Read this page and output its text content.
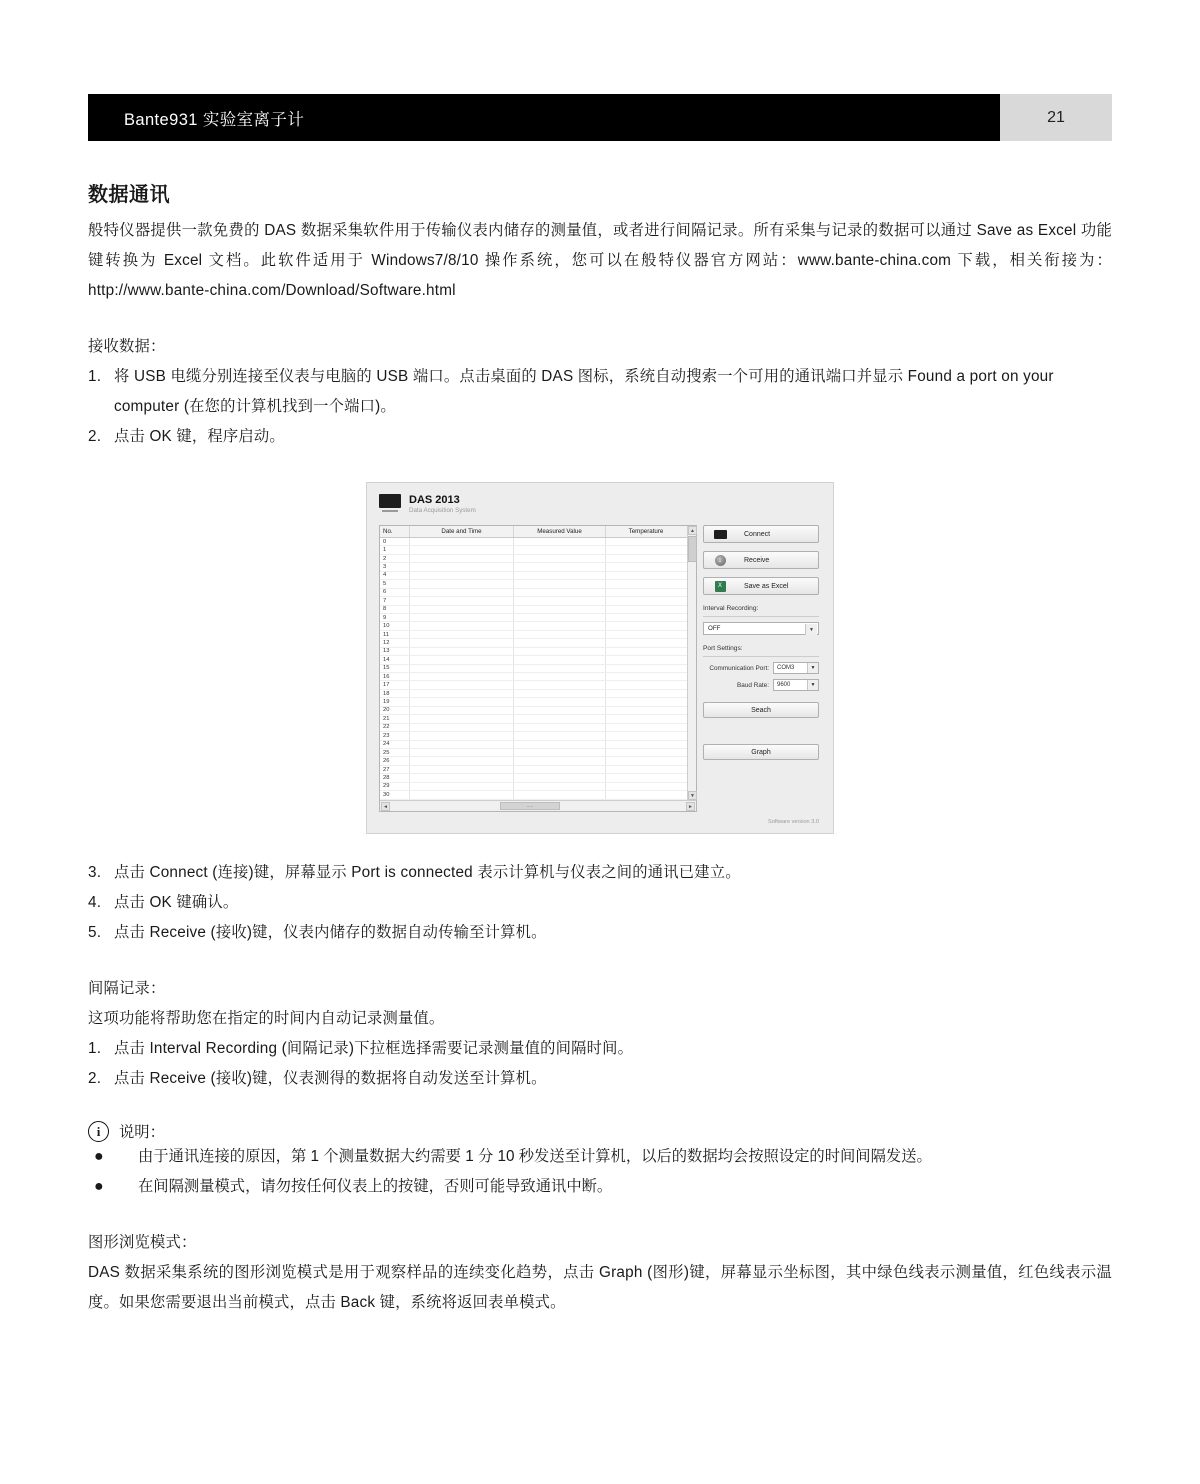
Bante931 实验室离子计	21
数据通讯

般特仪器提供一款免费的 DAS 数据采集软件用于传输仪表内储存的测量值，或者进行间隔记录。所有采集与记录的数据可以通过 Save as Excel 功能键转换为 Excel 文档。此软件适用于 Windows7/8/10 操作系统，您可以在般特仪器官方网站：www.bante-china.com 下载，相关衔接为：http://www.bante-china.com/Download/Software.html

接收数据：

1. 将 USB 电缆分别连接至仪表与电脑的 USB 端口。点击桌面的 DAS 图标，系统自动搜索一个可用的通讯端口并显示 Found a port on your computer (在您的计算机找到一个端口)。
2. 点击 OK 键，程序启动。
DAS 2013
Data Acquisition System
No.	Date and Time	Measured Value	Temperature
0
1
2
3
4
5
6
7
8
9
10
11
12
13
14
15
16
17
18
19
20
21
22
23
24
25
26
27
28
29
30
▲
▼
◄	.....	►
Connect
↓	Receive
X	Save as Excel
Interval Recording:
OFF	▼
Port Settings:
Communication Port: COM3	▼
Baud Rate: 9600	▼
Seach
Graph
Software version 3.0
3. 点击 Connect (连接)键，屏幕显示 Port is connected 表示计算机与仪表之间的通讯已建立。
4. 点击 OK 键确认。
5. 点击 Receive (接收)键，仪表内储存的数据自动传输至计算机。

间隔记录：

这项功能将帮助您在指定的时间内自动记录测量值。

1. 点击 Interval Recording (间隔记录)下拉框选择需要记录测量值的间隔时间。
2. 点击 Receive (接收)键，仪表测得的数据将自动发送至计算机。
i	说明：
●	由于通讯连接的原因，第 1 个测量数据大约需要 1 分 10 秒发送至计算机，以后的数据均会按照设定的时间间隔发送。
●	在间隔测量模式，请勿按任何仪表上的按键，否则可能导致通讯中断。

图形浏览模式：

DAS 数据采集系统的图形浏览模式是用于观察样品的连续变化趋势，点击 Graph (图形)键，屏幕显示坐标图，其中绿色线表示测量值，红色线表示温度。如果您需要退出当前模式，点击 Back 键，系统将返回表单模式。
